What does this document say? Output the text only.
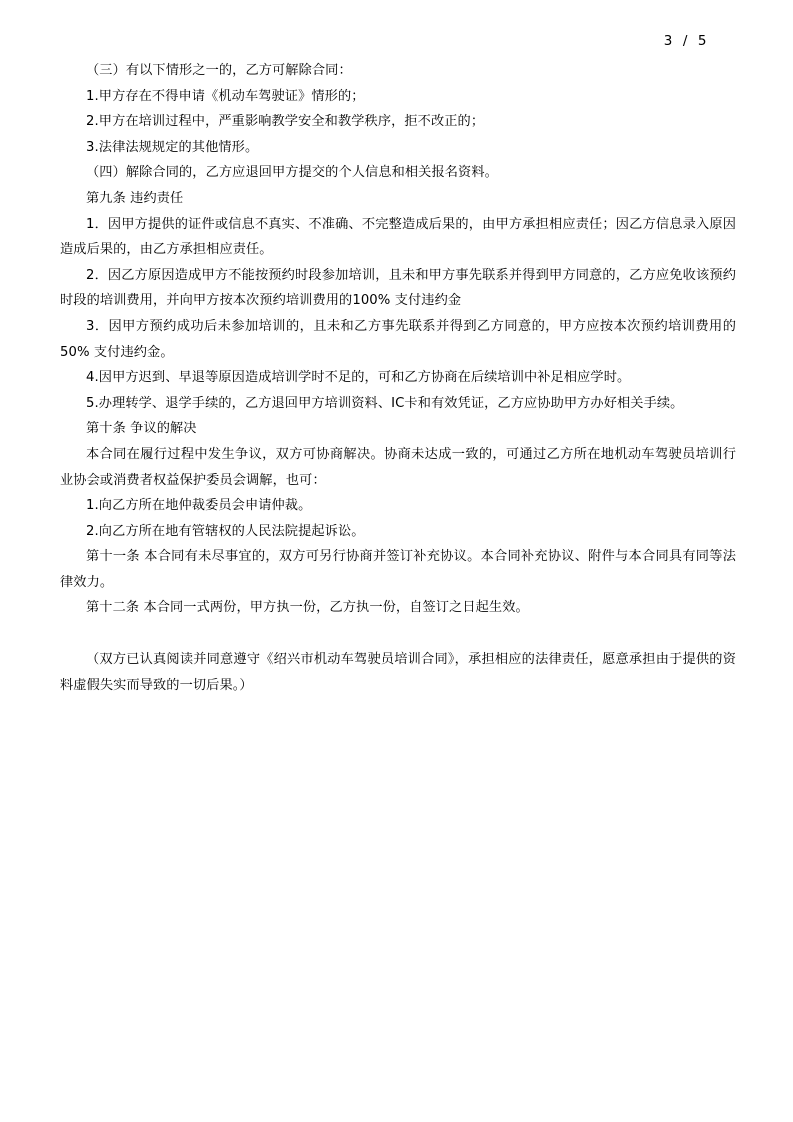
3 / 5

（三）有以下情形之一的，乙方可解除合同：

1.甲方存在不得申请《机动车驾驶证》情形的；

2.甲方在培训过程中，严重影响教学安全和教学秩序，拒不改正的；

3.法律法规规定的其他情形。

（四）解除合同的，乙方应退回甲方提交的个人信息和相关报名资料。

第九条 违约责任

1．因甲方提供的证件或信息不真实、不准确、不完整造成后果的，由甲方承担相应责任；因乙方信息录入原因造成后果的，由乙方承担相应责任。

2．因乙方原因造成甲方不能按预约时段参加培训，且未和甲方事先联系并得到甲方同意的，乙方应免收该预约时段的培训费用，并向甲方按本次预约培训费用的100% 支付违约金

3．因甲方预约成功后未参加培训的，且未和乙方事先联系并得到乙方同意的，甲方应按本次预约培训费用的50% 支付违约金。

4.因甲方迟到、早退等原因造成培训学时不足的，可和乙方协商在后续培训中补足相应学时。

5.办理转学、退学手续的，乙方退回甲方培训资料、IC卡和有效凭证，乙方应协助甲方办好相关手续。

第十条 争议的解决

本合同在履行过程中发生争议，双方可协商解决。协商未达成一致的，可通过乙方所在地机动车驾驶员培训行业协会或消费者权益保护委员会调解，也可：

1.向乙方所在地仲裁委员会申请仲裁。

2.向乙方所在地有管辖权的人民法院提起诉讼。

第十一条 本合同有未尽事宜的，双方可另行协商并签订补充协议。本合同补充协议、附件与本合同具有同等法律效力。

第十二条 本合同一式两份，甲方执一份，乙方执一份，自签订之日起生效。

（双方已认真阅读并同意遵守《绍兴市机动车驾驶员培训合同》，承担相应的法律责任，愿意承担由于提供的资料虚假失实而导致的一切后果。）
